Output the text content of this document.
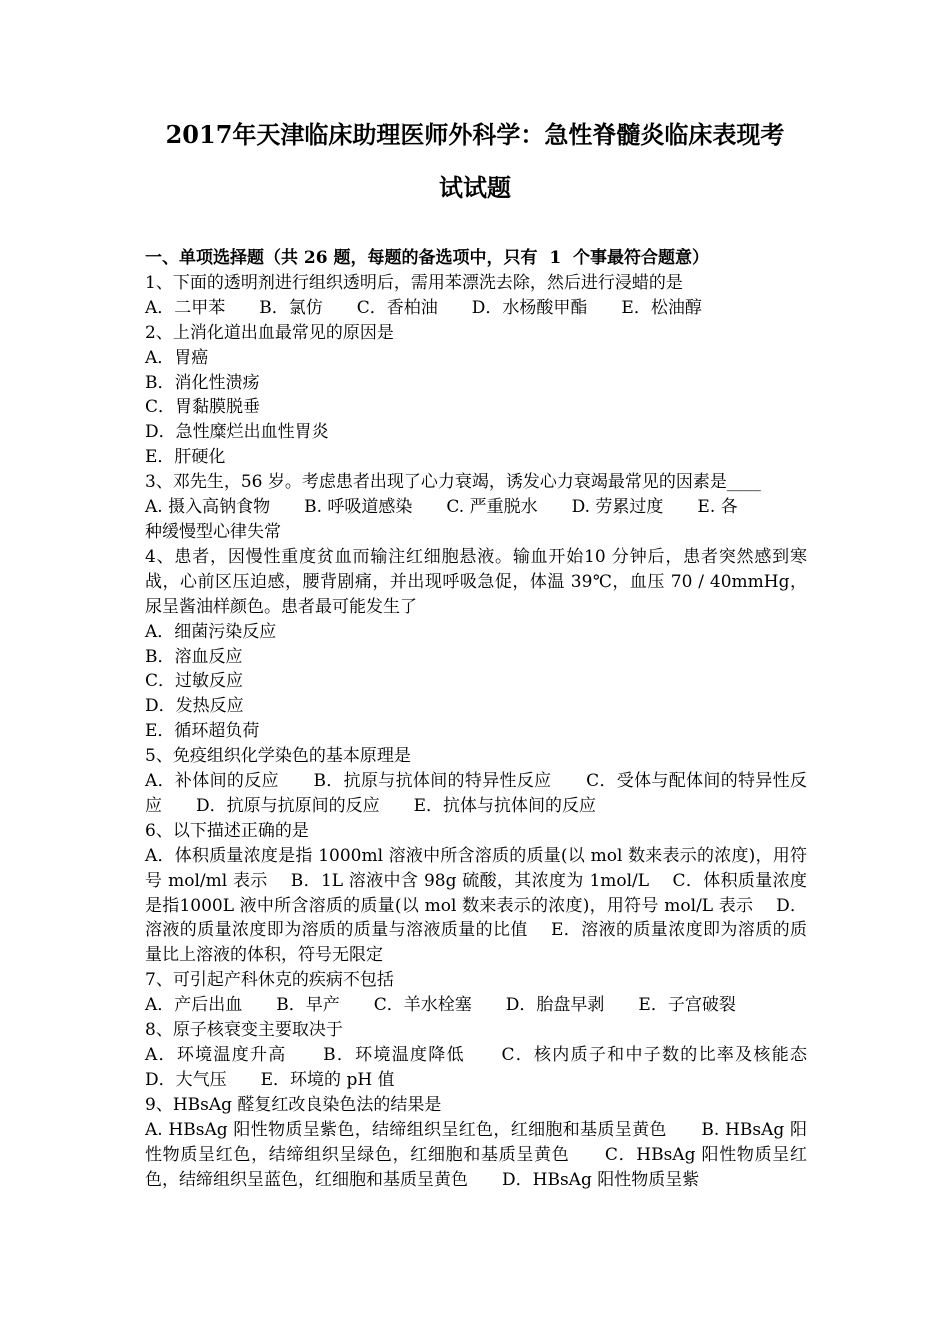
2017年天津临床助理医师外科学：急性脊髓炎临床表现考
试试题

一、单项选择题（共 26 题，每题的备选项中，只有  1  个事最符合题意）

1、下面的透明剂进行组织透明后，需用苯漂洗去除，然后进行浸蜡的是

A．二甲苯　　B．氯仿　　C．香柏油　　D．水杨酸甲酯　　E．松油醇

2、上消化道出血最常见的原因是

A．胃癌

B．消化性溃疡

C．胃黏膜脱垂

D．急性糜烂出血性胃炎

E．肝硬化

3、邓先生，56 岁。考虑患者出现了心力衰竭，诱发心力衰竭最常见的因素是____

A. 摄入高钠食物　　B. 呼吸道感染　　C. 严重脱水　　D. 劳累过度　　E. 各

种缓慢型心律失常

4、患者，因慢性重度贫血而输注红细胞悬液。输血开始10 分钟后，患者突然感到寒战，心前区压迫感，腰背剧痛，并出现呼吸急促，体温 39℃，血压 70 / 40mmHg，尿呈酱油样颜色。患者最可能发生了

A．细菌污染反应

B．溶血反应

C．过敏反应

D．发热反应

E．循环超负荷

5、免疫组织化学染色的基本原理是

A．补体间的反应　　B．抗原与抗体间的特异性反应　　C．受体与配体间的特异性反应　　D．抗原与抗原间的反应　　E．抗体与抗体间的反应

6、以下描述正确的是

A．体积质量浓度是指 1000ml 溶液中所含溶质的质量(以 mol 数来表示的浓度)，用符号 mol/ml 表示　 B．1L 溶液中含 98g 硫酸，其浓度为 1mol/L　 C．体积质量浓度是指1000L 液中所含溶质的质量(以 mol 数来表示的浓度)，用符号 mol/L 表示　 D．溶液的质量浓度即为溶质的质量与溶液质量的比值　 E．溶液的质量浓度即为溶质的质量比上溶液的体积，符号无限定

7、可引起产科休克的疾病不包括

A．产后出血　　B．早产　　C．羊水栓塞　　D．胎盘早剥　　E．子宫破裂

8、原子核衰变主要取决于

A．环境温度升高　　B．环境温度降低　　C．核内质子和中子数的比率及核能态　　D．大气压　　E．环境的 pH 值

9、HBsAg 醛复红改良染色法的结果是

A. HBsAg 阳性物质呈紫色，结缔组织呈红色，红细胞和基质呈黄色　　B. HBsAg 阳性物质呈红色，结缔组织呈绿色，红细胞和基质呈黄色　　C．HBsAg 阳性物质呈红色，结缔组织呈蓝色，红细胞和基质呈黄色　　D．HBsAg 阳性物质呈紫
